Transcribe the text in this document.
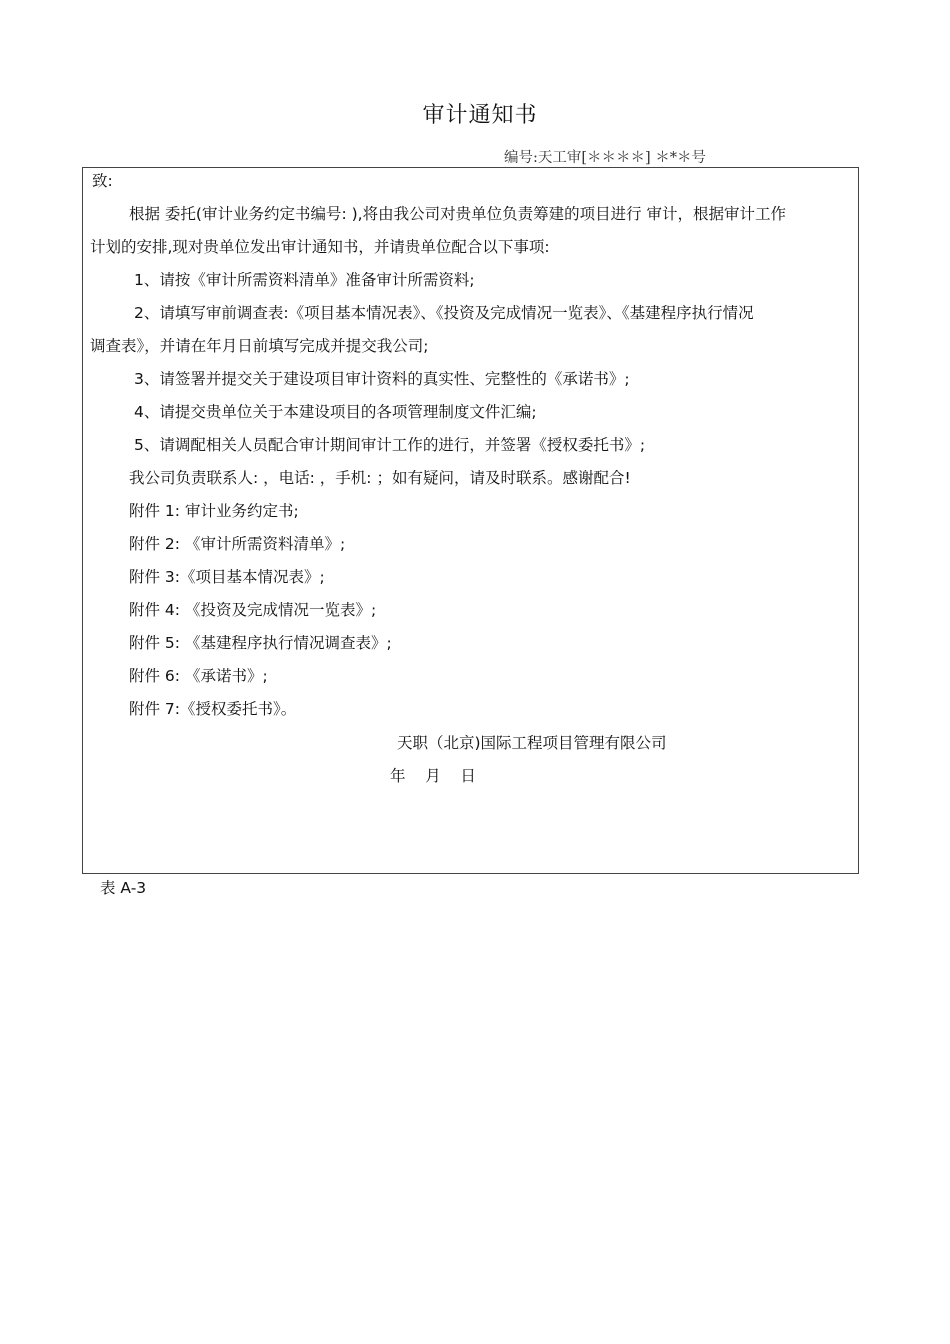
审计通知书
编号:天工审[＊＊＊＊] ＊*＊号
致:
根据 委托(审计业务约定书编号: ),将由我公司对贵单位负责筹建的项目进行 审计，根据审计工作
计划的安排,现对贵单位发出审计通知书，并请贵单位配合以下事项:
1、请按《审计所需资料清单》准备审计所需资料;
2、请填写审前调查表:《项目基本情况表》、《投资及完成情况一览表》、《基建程序执行情况
调查表》，并请在年月日前填写完成并提交我公司;
3、请签署并提交关于建设项目审计资料的真实性、完整性的《承诺书》;
4、请提交贵单位关于本建设项目的各项管理制度文件汇编;
5、请调配相关人员配合审计期间审计工作的进行，并签署《授权委托书》;
我公司负责联系人: ，电话: ，手机: ；如有疑问，请及时联系。感谢配合!
附件 1: 审计业务约定书;
附件 2: 《审计所需资料清单》;
附件 3:《项目基本情况表》;
附件 4: 《投资及完成情况一览表》;
附件 5: 《基建程序执行情况调查表》;
附件 6: 《承诺书》;
附件 7:《授权委托书》。
天职（北京)国际工程项目管理有限公司
年    月    日
表 A-3
